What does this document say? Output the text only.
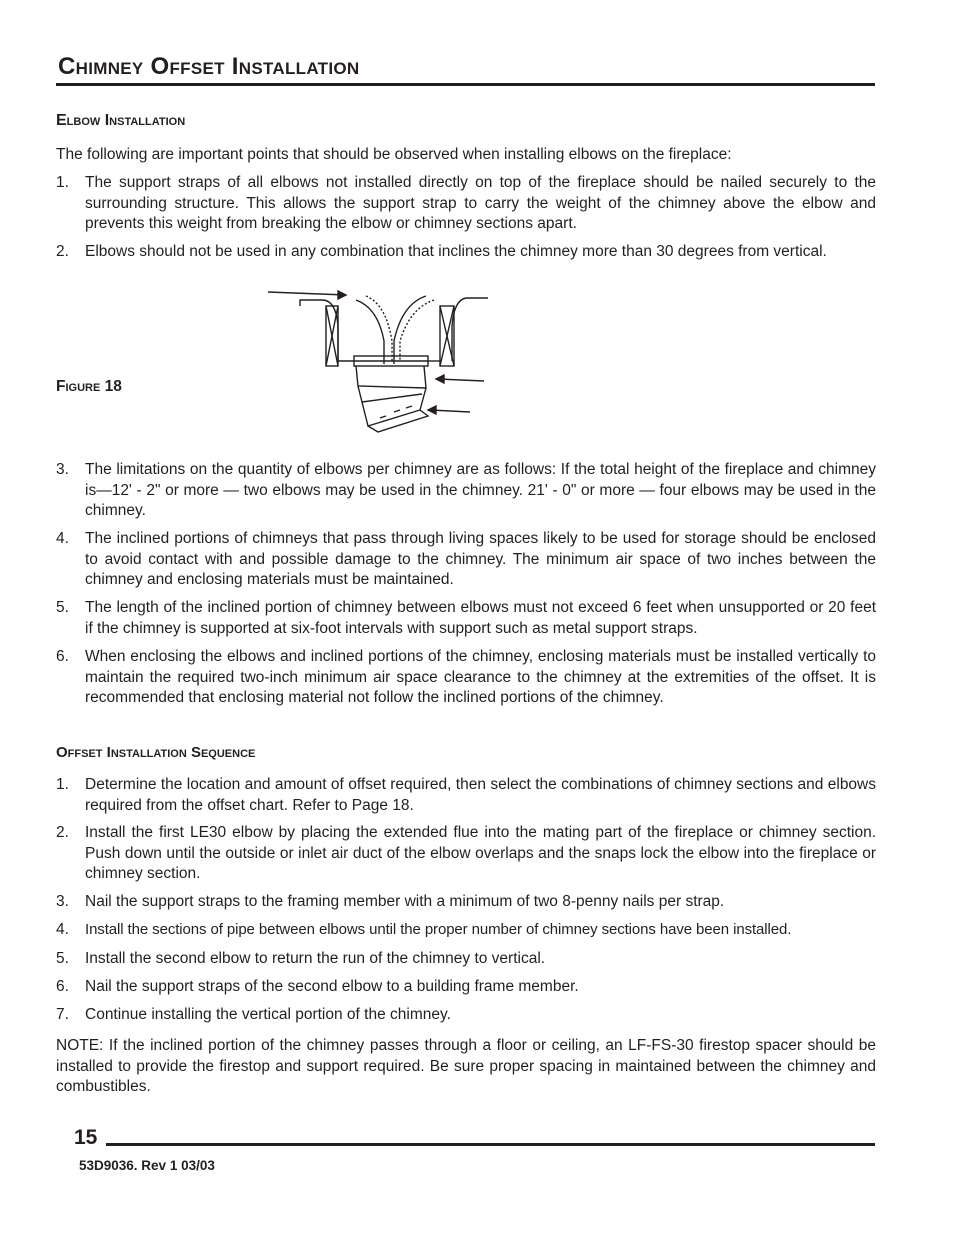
Chimney Offset Installation
Elbow Installation
The following are important points that should be observed when installing elbows on the fireplace:
1.	The support straps of all elbows not installed directly on top of the fireplace should be nailed securely to the surrounding structure. This allows the support strap to carry the weight of the chimney above the elbow and prevents this weight from breaking the elbow or chimney sections apart.
2.	Elbows should not be used in any combination that inclines the chimney more than 30 degrees from vertical.
Figure 18
3.	The limitations on the quantity of elbows per chimney are as follows: If the total height of the fireplace and chimney is—12' - 2" or more — two elbows may be used in the chimney. 21' - 0" or more — four elbows may be used in the chimney.
4.	The inclined portions of chimneys that pass through living spaces likely to be used for storage should be enclosed to avoid contact with and possible damage to the chimney. The minimum air space of two inches between the chimney and enclosing materials must be maintained.
5.	The length of the inclined portion of chimney between elbows must not exceed 6 feet when unsupported or 20 feet if the chimney is supported at six-foot intervals with support such as metal support straps.
6.	When enclosing the elbows and inclined portions of the chimney, enclosing materials must be installed vertically to maintain the required two-inch minimum air space clearance to the chimney at the extremities of the offset. It is recommended that enclosing material not follow the inclined portions of the chimney.
Offset Installation Sequence
1.	Determine the location and amount of offset required, then select the combinations of chimney sections and elbows required from the offset chart. Refer to Page 18.
2.	Install the first LE30 elbow by placing the extended flue into the mating part of the fireplace or chimney section. Push down until the outside or inlet air duct of the elbow overlaps and the snaps lock the elbow into the fireplace or chimney section.
3.	Nail the support straps to the framing member with a minimum of two 8-penny nails per strap.
4.	Install the sections of pipe between elbows until the proper number of chimney sections have been installed.
5.	Install the second elbow to return the run of the chimney to vertical.
6.	Nail the support straps of the second elbow to a building frame member.
7.	Continue installing the vertical portion of the chimney.
NOTE: If the inclined portion of the chimney passes through a floor or ceiling, an LF-FS-30 firestop spacer should be installed to provide the firestop and support required. Be sure proper spacing in maintained between the chimney and combustibles.
15
53D9036. Rev 1 03/03
